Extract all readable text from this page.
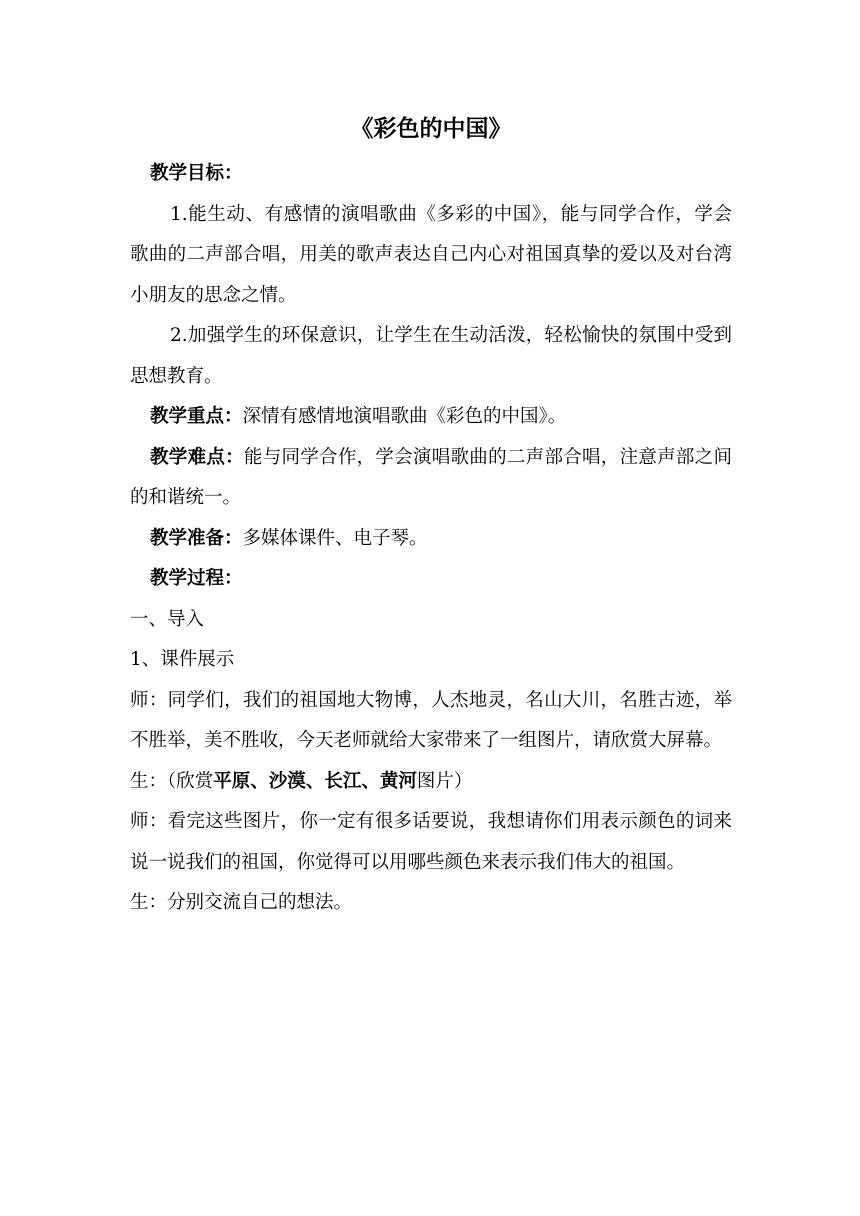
《彩色的中国》

教学目标：

1.能生动、有感情的演唱歌曲《多彩的中国》，能与同学合作，学会歌曲的二声部合唱，用美的歌声表达自己内心对祖国真挚的爱以及对台湾小朋友的思念之情。

2.加强学生的环保意识，让学生在生动活泼，轻松愉快的氛围中受到思想教育。

教学重点：深情有感情地演唱歌曲《彩色的中国》。

教学难点：能与同学合作，学会演唱歌曲的二声部合唱，注意声部之间的和谐统一。

教学准备：多媒体课件、电子琴。

教学过程：

一、导入

1、课件展示

师：同学们，我们的祖国地大物博，人杰地灵，名山大川，名胜古迹，举不胜举，美不胜收，今天老师就给大家带来了一组图片，请欣赏大屏幕。

生：（欣赏平原、沙漠、长江、黄河图片）

师：看完这些图片，你一定有很多话要说，我想请你们用表示颜色的词来说一说我们的祖国，你觉得可以用哪些颜色来表示我们伟大的祖国。

生：分别交流自己的想法。
